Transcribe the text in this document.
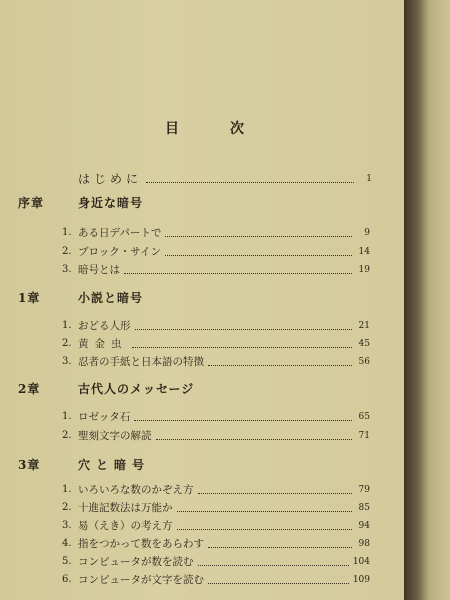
目	次
はじめに	1
序章	身近な暗号
1. ある日デパートで	9
2. ブロック・サイン	14
3. 暗号とは	19
1章	小説と暗号
1. おどる人形	21
2. 黄金虫	45
3. 忍者の手紙と日本語の特徴	56
2章	古代人のメッセージ
1. ロゼッタ石	65
2. 聖刻文字の解読	71
3章	穴と暗号
1. いろいろな数のかぞえ方	79
2. 十進記数法は万能か	85
3. 易（えき）の考え方	94
4. 指をつかって数をあらわす	98
5. コンピュータが数を読む	104
6. コンピュータが文字を読む	109
